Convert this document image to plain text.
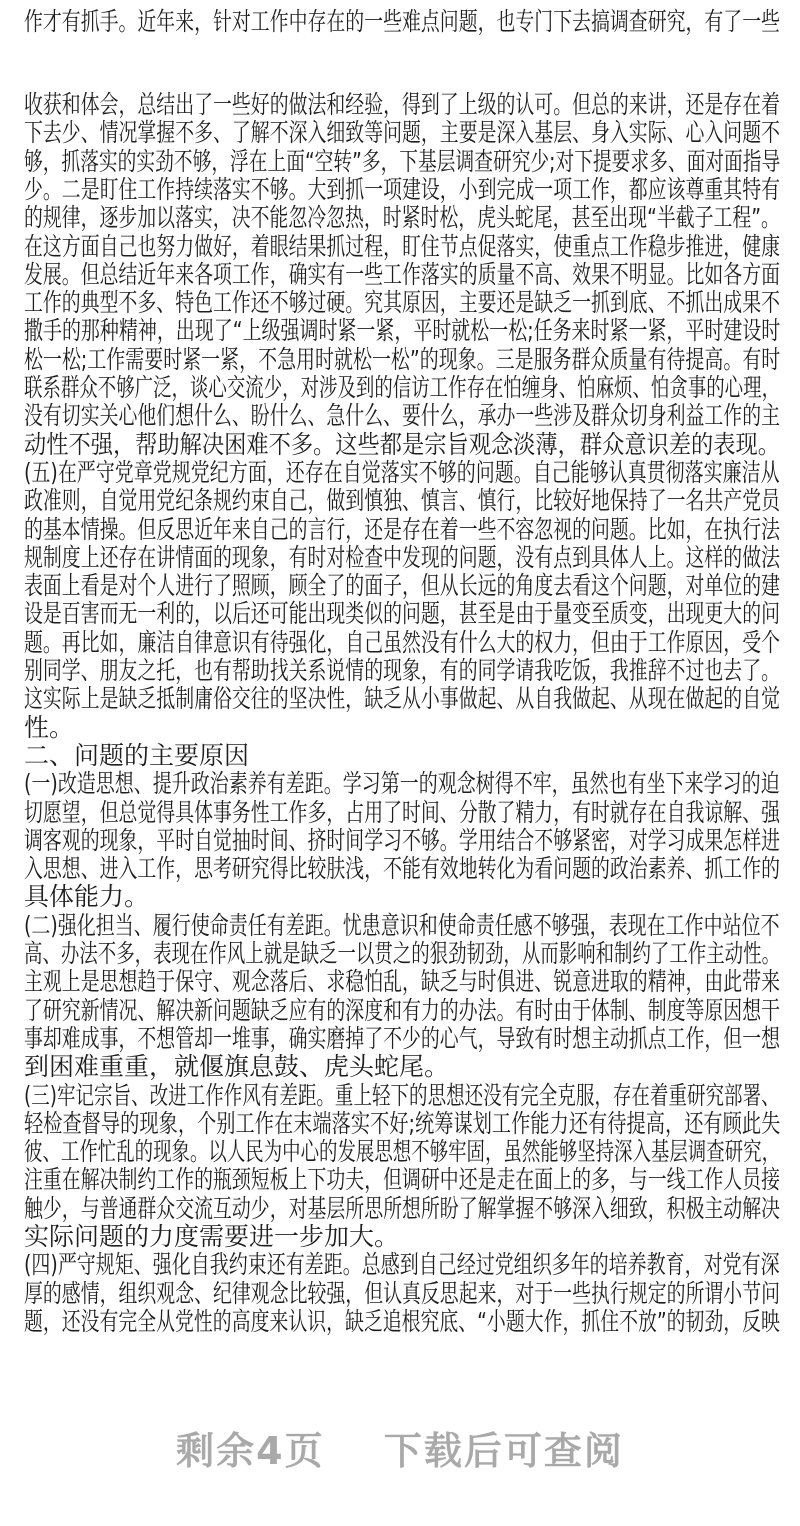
作才有抓手。近年来，针对工作中存在的一些难点问题，也专门下去搞调查研究，有了一些
收获和体会，总结出了一些好的做法和经验，得到了上级的认可。但总的来讲，还是存在着
下去少、情况掌握不多、了解不深入细致等问题，主要是深入基层、身入实际、心入问题不
够，抓落实的实劲不够，浮在上面“空转”多，下基层调查研究少;对下提要求多、面对面指导
少。二是盯住工作持续落实不够。大到抓一项建设，小到完成一项工作，都应该尊重其特有
的规律，逐步加以落实，决不能忽冷忽热，时紧时松，虎头蛇尾，甚至出现“半截子工程”。
在这方面自己也努力做好，着眼结果抓过程，盯住节点促落实，使重点工作稳步推进，健康
发展。但总结近年来各项工作，确实有一些工作落实的质量不高、效果不明显。比如各方面
工作的典型不多、特色工作还不够过硬。究其原因，主要还是缺乏一抓到底、不抓出成果不
撒手的那种精神，出现了“上级强调时紧一紧，平时就松一松;任务来时紧一紧，平时建设时
松一松;工作需要时紧一紧，不急用时就松一松”的现象。三是服务群众质量有待提高。有时
联系群众不够广泛，谈心交流少，对涉及到的信访工作存在怕缠身、怕麻烦、怕贪事的心理，
没有切实关心他们想什么、盼什么、急什么、要什么，承办一些涉及群众切身利益工作的主
动性不强，帮助解决困难不多。这些都是宗旨观念淡薄，群众意识差的表现。
(五)在严守党章党规党纪方面，还存在自觉落实不够的问题。自己能够认真贯彻落实廉洁从
政准则，自觉用党纪条规约束自己，做到慎独、慎言、慎行，比较好地保持了一名共产党员
的基本情操。但反思近年来自己的言行，还是存在着一些不容忽视的问题。比如，在执行法
规制度上还存在讲情面的现象，有时对检查中发现的问题，没有点到具体人上。这样的做法
表面上看是对个人进行了照顾，顾全了的面子，但从长远的角度去看这个问题，对单位的建
设是百害而无一利的，以后还可能出现类似的问题，甚至是由于量变至质变，出现更大的问
题。再比如，廉洁自律意识有待强化，自己虽然没有什么大的权力，但由于工作原因，受个
别同学、朋友之托，也有帮助找关系说情的现象，有的同学请我吃饭，我推辞不过也去了。
这实际上是缺乏抵制庸俗交往的坚决性，缺乏从小事做起、从自我做起、从现在做起的自觉
性。
二、问题的主要原因
(一)改造思想、提升政治素养有差距。学习第一的观念树得不牢，虽然也有坐下来学习的迫
切愿望，但总觉得具体事务性工作多，占用了时间、分散了精力，有时就存在自我谅解、强
调客观的现象，平时自觉抽时间、挤时间学习不够。学用结合不够紧密，对学习成果怎样进
入思想、进入工作，思考研究得比较肤浅，不能有效地转化为看问题的政治素养、抓工作的
具体能力。
(二)强化担当、履行使命责任有差距。忧患意识和使命责任感不够强，表现在工作中站位不
高、办法不多，表现在作风上就是缺乏一以贯之的狠劲韧劲，从而影响和制约了工作主动性。
主观上是思想趋于保守、观念落后、求稳怕乱，缺乏与时俱进、锐意进取的精神，由此带来
了研究新情况、解决新问题缺乏应有的深度和有力的办法。有时由于体制、制度等原因想干
事却难成事，不想管却一堆事，确实磨掉了不少的心气，导致有时想主动抓点工作，但一想
到困难重重，就偃旗息鼓、虎头蛇尾。
(三)牢记宗旨、改进工作作风有差距。重上轻下的思想还没有完全克服，存在着重研究部署、
轻检查督导的现象，个别工作在末端落实不好;统筹谋划工作能力还有待提高，还有顾此失
彼、工作忙乱的现象。以人民为中心的发展思想不够牢固，虽然能够坚持深入基层调查研究，
注重在解决制约工作的瓶颈短板上下功夫，但调研中还是走在面上的多，与一线工作人员接
触少，与普通群众交流互动少，对基层所思所想所盼了解掌握不够深入细致，积极主动解决
实际问题的力度需要进一步加大。
(四)严守规矩、强化自我约束还有差距。总感到自己经过党组织多年的培养教育，对党有深
厚的感情，组织观念、纪律观念比较强，但认真反思起来，对于一些执行规定的所谓小节问
题，还没有完全从党性的高度来认识，缺乏追根究底、“小题大作，抓住不放”的韧劲，反映
剩余4页 下载后可查阅
